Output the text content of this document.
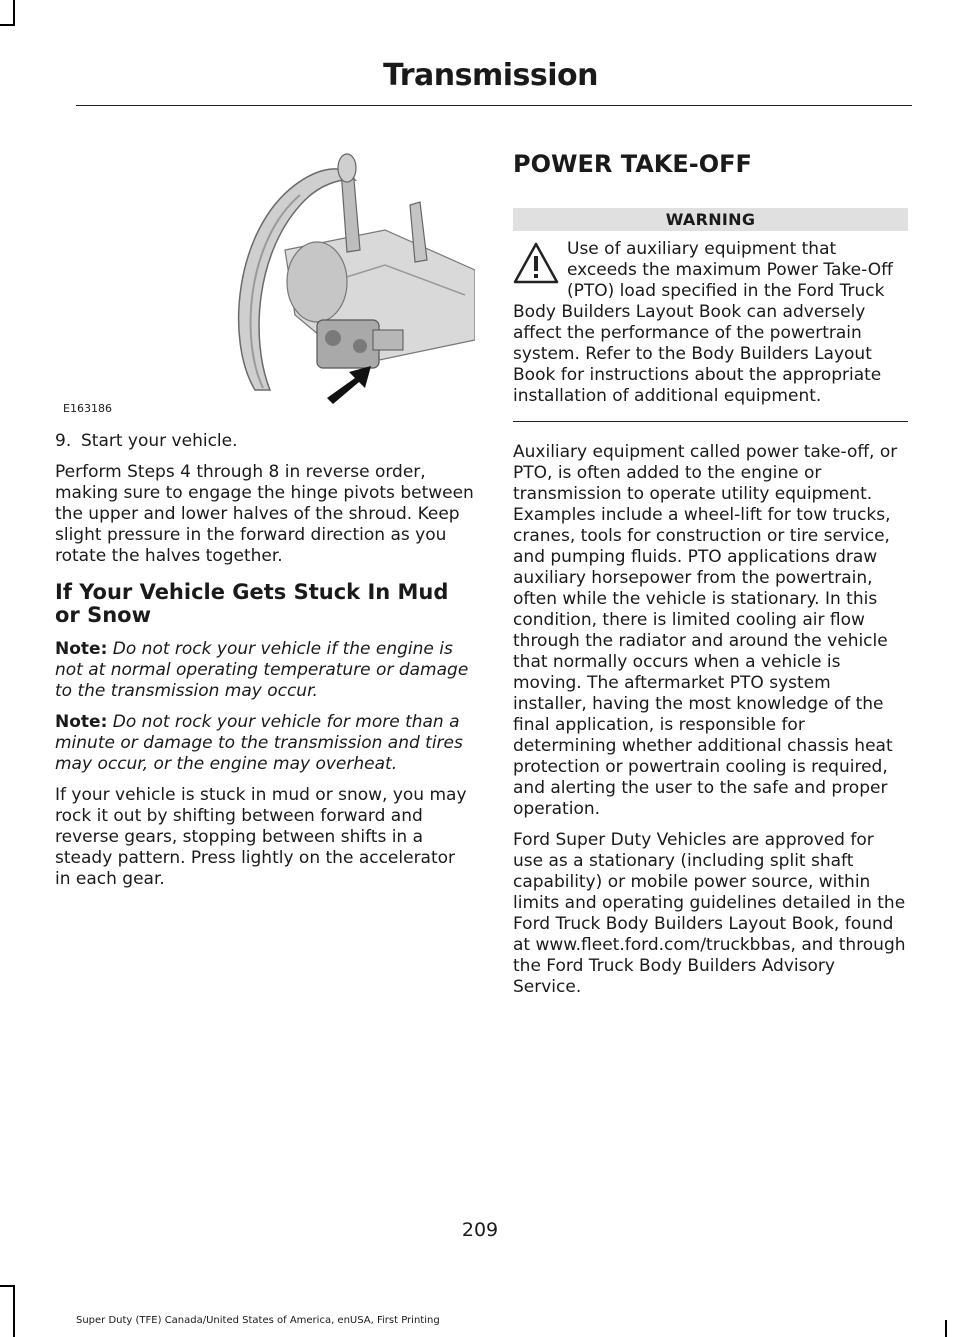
Transmission
E163186

9. Start your vehicle.

Perform Steps 4 through 8 in reverse order, making sure to engage the hinge pivots between the upper and lower halves of the shroud. Keep slight pressure in the forward direction as you rotate the halves together.

If Your Vehicle Gets Stuck In Mud or Snow

Note: Do not rock your vehicle if the engine is not at normal operating temperature or damage to the transmission may occur.

Note: Do not rock your vehicle for more than a minute or damage to the transmission and tires may occur, or the engine may overheat.

If your vehicle is stuck in mud or snow, you may rock it out by shifting between forward and reverse gears, stopping between shifts in a steady pattern. Press lightly on the accelerator in each gear.

POWER TAKE-OFF
WARNING
Use of auxiliary equipment that exceeds the maximum Power Take-Off (PTO) load specified in the Ford Truck Body Builders Layout Book can adversely affect the performance of the powertrain system. Refer to the Body Builders Layout Book for instructions about the appropriate installation of additional equipment.

Auxiliary equipment called power take-off, or PTO, is often added to the engine or transmission to operate utility equipment. Examples include a wheel-lift for tow trucks, cranes, tools for construction or tire service, and pumping fluids. PTO applications draw auxiliary horsepower from the powertrain, often while the vehicle is stationary. In this condition, there is limited cooling air flow through the radiator and around the vehicle that normally occurs when a vehicle is moving. The aftermarket PTO system installer, having the most knowledge of the final application, is responsible for determining whether additional chassis heat protection or powertrain cooling is required, and alerting the user to the safe and proper operation.

Ford Super Duty Vehicles are approved for use as a stationary (including split shaft capability) or mobile power source, within limits and operating guidelines detailed in the Ford Truck Body Builders Layout Book, found at www.fleet.ford.com/truckbbas, and through the Ford Truck Body Builders Advisory Service.

209
Super Duty (TFE) Canada/United States of America, enUSA, First Printing
